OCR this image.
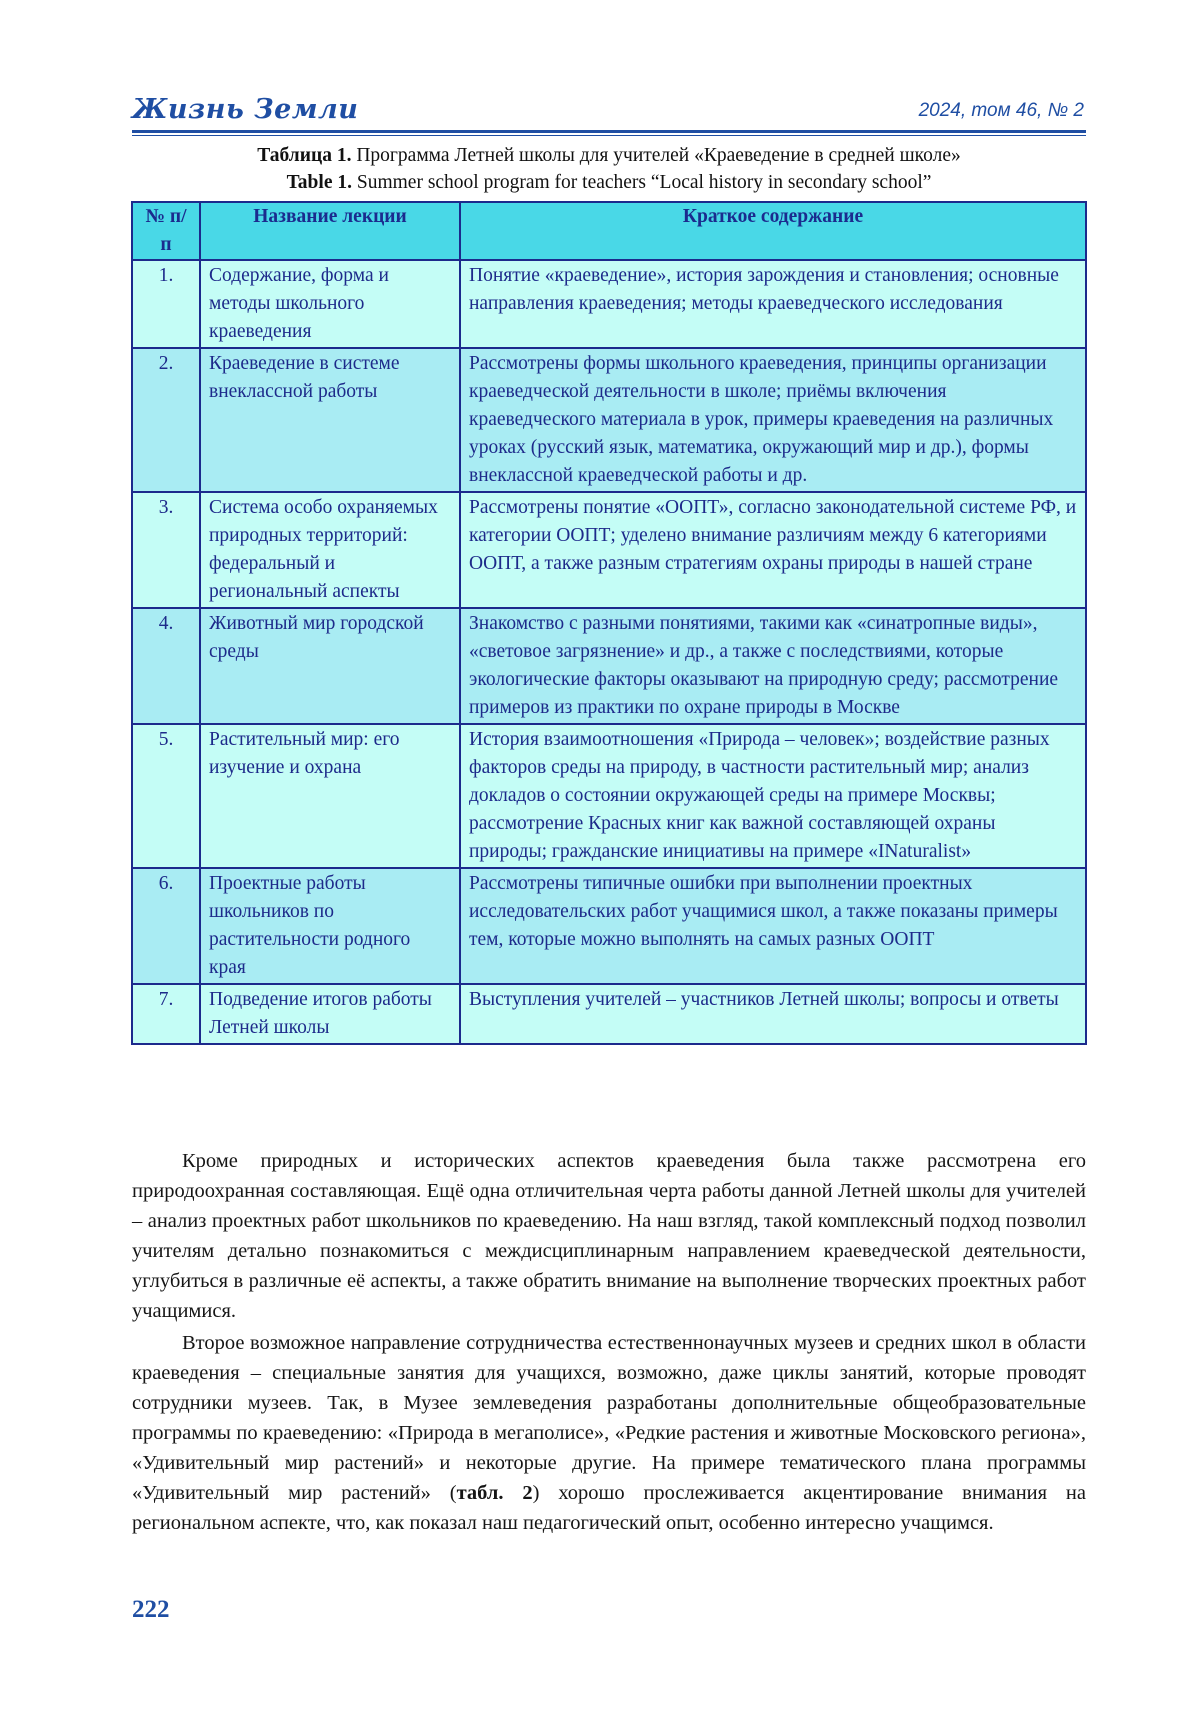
Жизнь Земли	2024, том 46, № 2
Таблица 1. Программа Летней школы для учителей «Краеведение в средней школе»
Table 1. Summer school program for teachers “Local history in secondary school”
№ п/п	Название лекции	Краткое содержание
1.	Содержание, форма и методы школьного краеведения	Понятие «краеведение», история зарождения и становления; основные направления краеведения; методы краеведческого исследования
2.	Краеведение в системе внеклассной работы	Рассмотрены формы школьного краеведения, принципы организации краеведческой деятельности в школе; приёмы включения краеведческого материала в урок, примеры краеведения на различных уроках (русский язык, математика, окружающий мир и др.), формы внеклассной краеведческой работы и др.
3.	Система особо охраняемых природных территорий: федеральный и региональный аспекты	Рассмотрены понятие «ООПТ», согласно законодательной системе РФ, и категории ООПТ; уделено внимание различиям между 6 категориями ООПТ, а также разным стратегиям охраны природы в нашей стране
4.	Животный мир городской среды	Знакомство с разными понятиями, такими как «синатропные виды», «световое загрязнение» и др., а также с последствиями, которые экологические факторы оказывают на природную среду; рассмотрение примеров из практики по охране природы в Москве
5.	Растительный мир: его изучение и охрана	История взаимоотношения «Природа – человек»; воздействие разных факторов среды на природу, в частности растительный мир; анализ докладов о состоянии окружающей среды на примере Москвы; рассмотрение Красных книг как важной составляющей охраны природы; гражданские инициативы на примере «INaturalist»
6.	Проектные работы школьников по растительности родного края	Рассмотрены типичные ошибки при выполнении проектных исследовательских работ учащимися школ, а также показаны примеры тем, которые можно выполнять на самых разных ООПТ
7.	Подведение итогов работы Летней школы	Выступления учителей – участников Летней школы; вопросы и ответы

Кроме природных и исторических аспектов краеведения была также рассмотрена его природоохранная составляющая. Ещё одна отличительная черта работы данной Летней школы для учителей – анализ проектных работ школьников по краеведению. На наш взгляд, такой комплексный подход позволил учителям детально познакомиться с междисциплинарным направлением краеведческой деятельности, углубиться в различные её аспекты, а также обратить внимание на выполнение творческих проектных работ учащимися.

Второе возможное направление сотрудничества естественнонаучных музеев и средних школ в области краеведения – специальные занятия для учащихся, возможно, даже циклы занятий, которые проводят сотрудники музеев. Так, в Музее землеведения разработаны дополнительные общеобразовательные программы по краеведению: «Природа в мегаполисе», «Редкие растения и животные Московского региона», «Удивительный мир растений» и некоторые другие. На примере тематического плана программы «Удивительный мир растений» (табл. 2) хорошо прослеживается акцентирование внимания на региональном аспекте, что, как показал наш педагогический опыт, особенно интересно учащимся.

222
